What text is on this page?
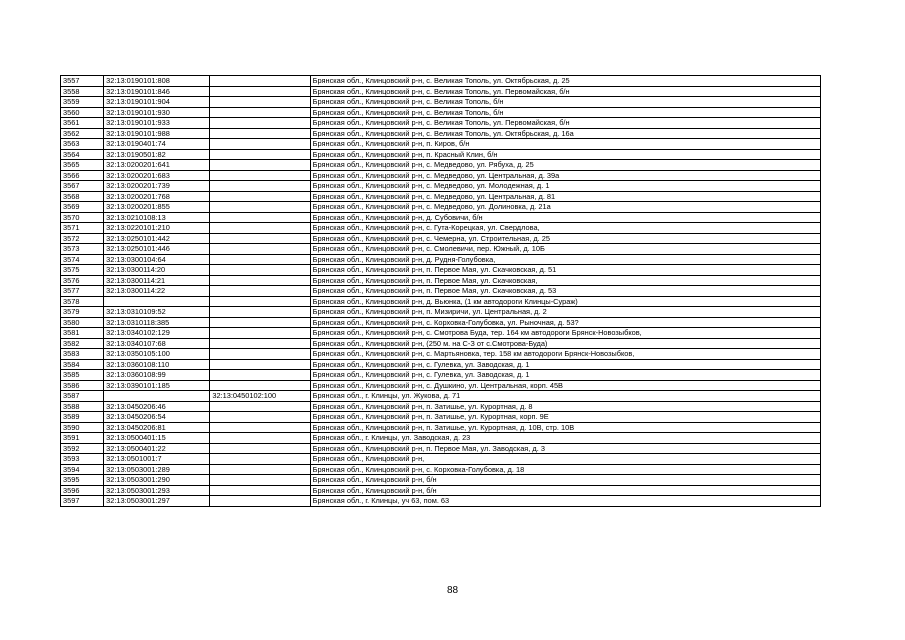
3557	32:13:0190101:808		Брянская обл., Клинцовский р-н, с. Великая Тополь, ул. Октябрьская, д. 25
3558	32:13:0190101:846		Брянская обл., Клинцовский р-н, с. Великая Тополь, ул. Первомайская, б/н
3559	32:13:0190101:904		Брянская обл., Клинцовский р-н, с. Великая Тополь, б/н
3560	32:13:0190101:930		Брянская обл., Клинцовский р-н, с. Великая Тополь, б/н
3561	32:13:0190101:933		Брянская обл., Клинцовский р-н, с. Великая Тополь, ул. Первомайская, б/н
3562	32:13:0190101:988		Брянская обл., Клинцовский р-н, с. Великая Тополь, ул. Октябрьская, д. 16а
3563	32:13:0190401:74		Брянская обл., Клинцовский р-н, п. Киров, б/н
3564	32:13:0190501:82		Брянская обл., Клинцовский р-н, п. Красный Клин, б/н
3565	32:13:0200201:641		Брянская обл., Клинцовский р-н, с. Медведово, ул. Рябуха, д. 25
3566	32:13:0200201:683		Брянская обл., Клинцовский р-н, с. Медведово, ул. Центральная, д. 39а
3567	32:13:0200201:739		Брянская обл., Клинцовский р-н, с. Медведово, ул. Молодежная, д. 1
3568	32:13:0200201:768		Брянская обл., Клинцовский р-н, с. Медведово, ул. Центральная, д. 81
3569	32:13:0200201:855		Брянская обл., Клинцовский р-н, с. Медведово, ул. Долиновка, д. 21а
3570	32:13:0210108:13		Брянская обл., Клинцовский р-н, д. Субовичи, б/н
3571	32:13:0220101:210		Брянская обл., Клинцовский р-н, с. Гута-Корецкая, ул. Свердлова,
3572	32:13:0250101:442		Брянская обл., Клинцовский р-н, с. Чемерна, ул. Строительная, д. 25
3573	32:13:0250101:446		Брянская обл., Клинцовский р-н, с. Смолевичи, пер. Южный, д. 10Б
3574	32:13:0300104:64		Брянская обл., Клинцовский р-н, д. Рудня-Голубовка,
3575	32:13:0300114:20		Брянская обл., Клинцовский р-н, п. Первое Мая, ул. Скачковская, д. 51
3576	32:13:0300114:21		Брянская обл., Клинцовский р-н, п. Первое Мая, ул. Скачковская,
3577	32:13:0300114:22		Брянская обл., Клинцовский р-н, п. Первое Мая, ул. Скачковская, д. 53
3578			Брянская обл., Клинцовский р-н, д. Вьюнка, (1 км автодороги Клинцы-Сураж)
3579	32:13:0310109:52		Брянская обл., Клинцовский р-н, п. Мизиричи, ул. Центральная, д. 2
3580	32:13:0310118:385		Брянская обл., Клинцовский р-н, с. Корховка-Голубовка, ул. Рыночная, д. 53?
3581	32:13:0340102:129		Брянская обл., Клинцовский р-н, с. Смотрова Буда, тер. 164 км автодороги Брянск-Новозыбков,
3582	32:13:0340107:68		Брянская обл., Клинцовский р-н, (250 м. на С-З от с.Смотрова-Буда)
3583	32:13:0350105:100		Брянская обл., Клинцовский р-н, с. Мартьяновка, тер. 158 км автодороги Брянск-Новозыбков,
3584	32:13:0360108:110		Брянская обл., Клинцовский р-н, с. Гулевка, ул. Заводская, д. 1
3585	32:13:0360108:99		Брянская обл., Клинцовский р-н, с. Гулевка, ул. Заводская, д. 1
3586	32:13:0390101:185		Брянская обл., Клинцовский р-н, с. Душкино, ул. Центральная, корп. 45В
3587		32:13:0450102:100	Брянская обл., г. Клинцы, ул. Жукова, д. 71
3588	32:13:0450206:46		Брянская обл., Клинцовский р-н, п. Затишье, ул. Курортная, д. 8
3589	32:13:0450206:54		Брянская обл., Клинцовский р-н, п. Затишье, ул. Курортная, корп. 9Е
3590	32:13:0450206:81		Брянская обл., Клинцовский р-н, п. Затишье, ул. Курортная, д. 10В, стр. 10В
3591	32:13:0500401:15		Брянская обл., г. Клинцы, ул. Заводская, д. 23
3592	32:13:0500401:22		Брянская обл., Клинцовский р-н, п. Первое Мая, ул. Заводская, д. 3
3593	32:13:0501001:7		Брянская обл., Клинцовский р-н,
3594	32:13:0503001:289		Брянская обл., Клинцовский р-н, с. Корховка-Голубовка, д. 18
3595	32:13:0503001:290		Брянская обл., Клинцовский р-н, б/н
3596	32:13:0503001:293		Брянская обл., Клинцовский р-н, б/н
3597	32:13:0503001:297		Брянская обл., г. Клинцы, уч 63, пом. 63
88
